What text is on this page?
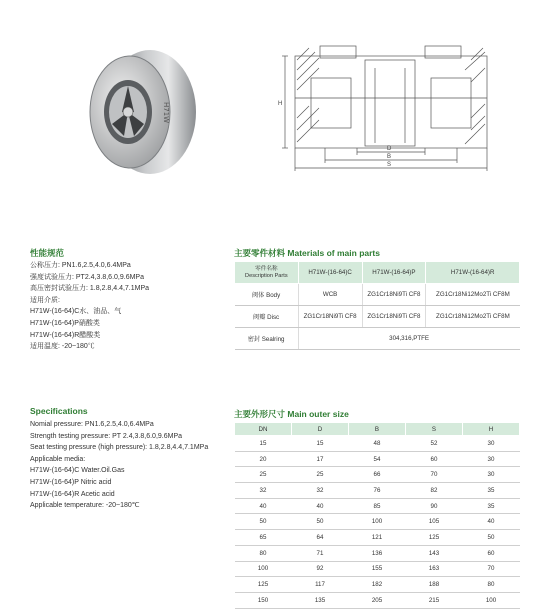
H71W	H
D
B
S
性能规范
公称压力: PN1.6,2.5,4.0,6.4MPa
强度试验压力: PT2.4,3.8,6.0,9.6MPa
高压密封试验压力: 1.8,2.8,4.4,7.1MPa
适用介质:
H71W-(16-64)C水、油品、气
H71W-(16-64)P硝酸类
H71W-(16-64)R醋酸类
适用温度: -20~180℃
Specifications
Nomial pressure: PN1.6,2.5,4.0,6.4MPa
Strength testing pressure: PT 2.4,3.8,6.0,9.6MPa
Seat testing pressure (high pressure): 1.8,2.8,4.4,7.1MPa
Applicable media:
H71W-(16-64)C Water.Oil.Gas
H71W-(16-64)P Nitric acid
H71W-(16-64)R Acetic acid
Applicable temperature: -20~180℃
主要零件材料 Materials of main parts
零件名称
Description Parts	H71W-(16-64)C	H71W-(16-64)P	H71W-(16-64)R
阀体 Body	WCB	ZG1Cr18Ni9Ti CF8	ZG1Cr18Ni12Mo2Ti CF8M
阀瓣 Disc	ZG1Cr18Ni9Ti CF8	ZG1Cr18Ni9Ti CF8	ZG1Cr18Ni12Mo2Ti CF8M
密封 Sealring	304,316,PTFE		
主要外形尺寸 Main outer size
DN	D	B	S	H
15	15	48	52	30
20	17	54	60	30
25	25	66	70	30
32	32	76	82	35
40	40	85	90	35
50	50	100	105	40
65	64	121	125	50
80	71	136	143	60
100	92	155	163	70
125	117	182	188	80
150	135	205	215	100
